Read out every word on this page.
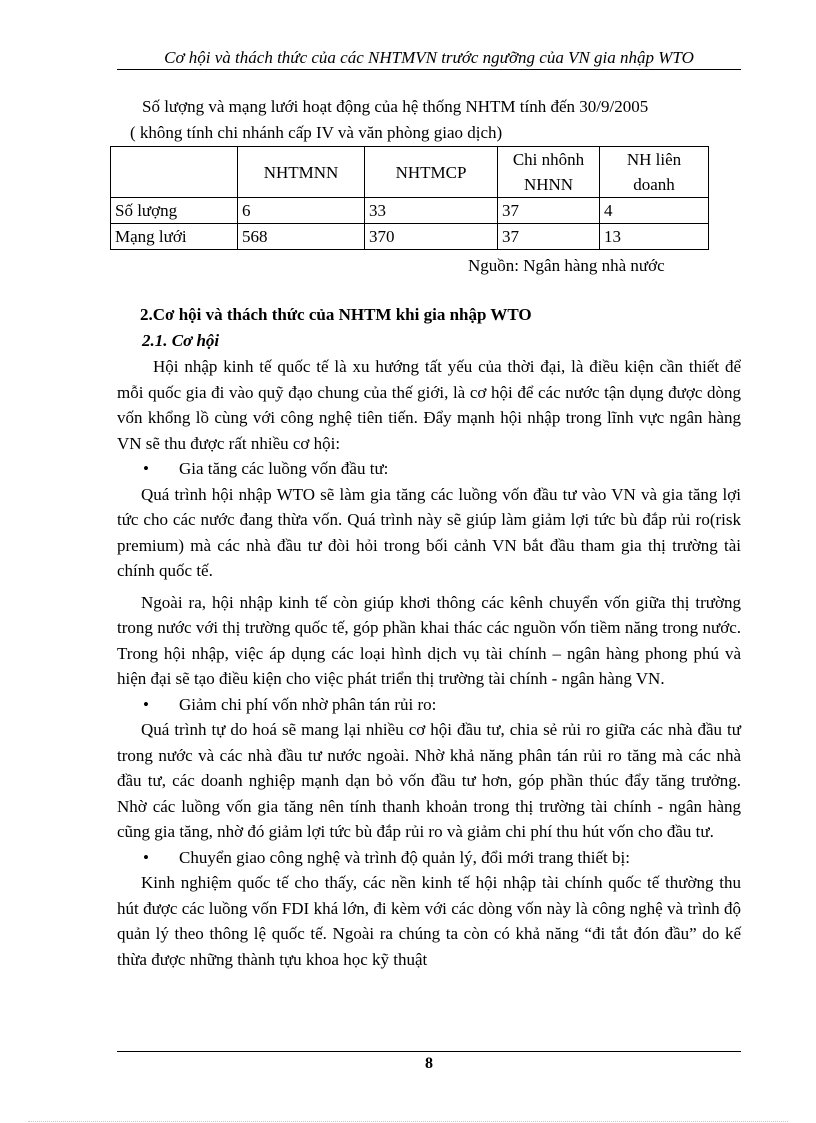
Cơ hội và thách thức của các NHTMVN trước ngưỡng của VN gia nhập WTO
Số lượng và mạng lưới hoạt động của hệ thống NHTM tính đến 30/9/2005
( không tính chi nhánh cấp IV và văn phòng giao dịch)
	NHTMNN	NHTMCP	Chi nhônh NHNN	NH liên doanh
Số lượng	6	33	37	4
Mạng lưới	568	370	37	13
Nguồn: Ngân hàng nhà nước
2.Cơ hội và thách thức của NHTM khi gia nhập WTO
2.1. Cơ hội

Hội nhập kinh tế quốc tế là xu hướng tất yếu của thời đại, là điều kiện cần thiết để mỗi quốc gia đi vào quỹ đạo chung của thế giới, là cơ hội để các nước tận dụng được dòng vốn khổng lồ cùng với công nghệ tiên tiến. Đẩy mạnh hội nhập trong lĩnh vực ngân hàng VN sẽ thu được rất nhiều cơ hội:

• Gia tăng các luồng vốn đầu tư:

Quá trình hội nhập WTO sẽ làm gia tăng các luồng vốn đầu tư vào VN và gia tăng lợi tức cho các nước đang thừa vốn. Quá trình này sẽ giúp làm giảm lợi tức bù đắp rủi ro(risk premium) mà các nhà đầu tư đòi hỏi trong bối cảnh VN bắt đầu tham gia thị trường tài chính quốc tế.

Ngoài ra, hội nhập kinh tế còn giúp khơi thông các kênh chuyển vốn giữa thị trường trong nước với thị trường quốc tế, góp phần khai thác các nguồn vốn tiềm năng trong nước. Trong hội nhập, việc áp dụng các loại hình dịch vụ tài chính – ngân hàng phong phú và hiện đại sẽ tạo điều kiện cho việc phát triển thị trường tài chính - ngân hàng VN.

• Giảm chi phí vốn nhờ phân tán rủi ro:

Quá trình tự do hoá sẽ mang lại nhiều cơ hội đầu tư, chia sẻ rủi ro giữa các nhà đầu tư trong nước và các nhà đầu tư nước ngoài. Nhờ khả năng phân tán rủi ro tăng mà các nhà đầu tư, các doanh nghiệp mạnh dạn bỏ vốn đầu tư hơn, góp phần thúc đẩy tăng trưởng. Nhờ các luồng vốn gia tăng nên tính thanh khoản trong thị trường tài chính - ngân hàng cũng gia tăng, nhờ đó giảm lợi tức bù đắp rủi ro và giảm chi phí thu hút vốn cho đầu tư.

• Chuyển giao công nghệ và trình độ quản lý, đổi mới trang thiết bị:

Kinh nghiệm quốc tế cho thấy, các nền kinh tế hội nhập tài chính quốc tế thường thu hút được các luồng vốn FDI khá lớn, đi kèm với các dòng vốn này là công nghệ và trình độ quản lý theo thông lệ quốc tế. Ngoài ra chúng ta còn có khả năng “đi tắt đón đầu” do kế thừa được những thành tựu khoa học kỹ thuật

8
